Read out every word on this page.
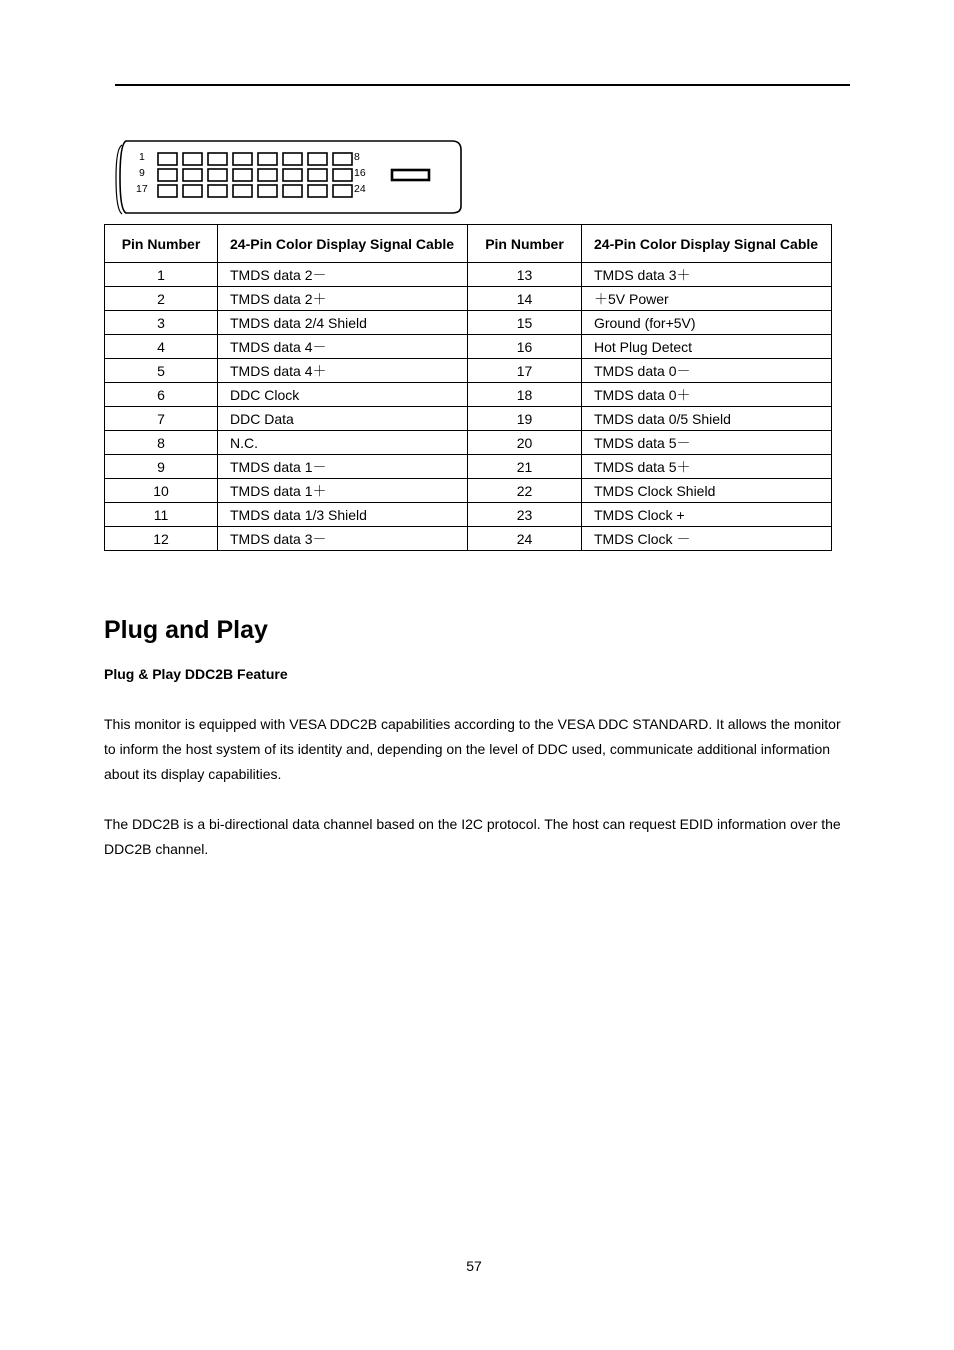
1
9
17
8
16
24
Pin Number	24-Pin Color Display Signal Cable	Pin Number	24-Pin Color Display Signal Cable
1	TMDS data 2－	13	TMDS data 3＋
2	TMDS data 2＋	14	＋5V Power
3	TMDS data 2/4 Shield	15	Ground (for+5V)
4	TMDS data 4－	16	Hot Plug Detect
5	TMDS data 4＋	17	TMDS data 0－
6	DDC Clock	18	TMDS data 0＋
7	DDC Data	19	TMDS data 0/5 Shield
8	N.C.	20	TMDS data 5－
9	TMDS data 1－	21	TMDS data 5＋
10	TMDS data 1＋	22	TMDS Clock Shield
11	TMDS data 1/3 Shield	23	TMDS Clock +
12	TMDS data 3－	24	TMDS Clock －
Plug and Play
Plug & Play DDC2B Feature

This monitor is equipped with VESA DDC2B capabilities according to the VESA DDC STANDARD. It allows the monitor to inform the host system of its identity and, depending on the level of DDC used, communicate additional information about its display capabilities.

The DDC2B is a bi-directional data channel based on the I2C protocol. The host can request EDID information over the DDC2B channel.

57
